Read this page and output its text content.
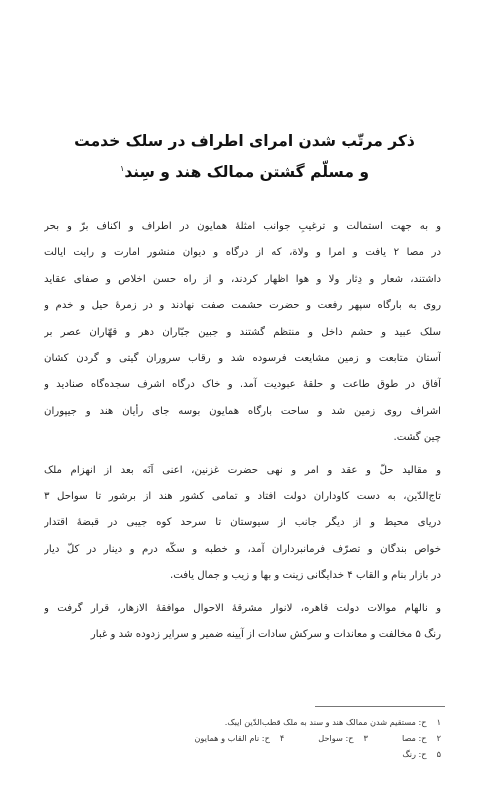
ذکر مرتّب شدن امرای اطراف در سلک خدمت
و مسلّم گشتن ممالک هند و سِند$^۱$
و به جهت استمالت و ترغیبِ جوانب امثلهٔ همایون در اطراف و اکناف برّ و بحر
در مصا ۲ یافت و امرا و ولاة، که از درگاه و دیوان منشور امارت و رایت ایالت
داشتند، شعار و دِثار ولا و هوا اظهار کردند، و از راه حسن اخلاص و صفای عقاید
روی به بارگاه سپهر رفعت و حضرت حشمت صفت نهادند و در زمرهٔ حیل و خدم و
سلک عبید و حشم داخل و منتظم گشتند و جبین جبّاران دهر و قهّاران عصر بر
آستان متابعت و زمین مشایعت فرسوده شد و رقاب سروران گیتی و گردن کشان
آفاق در طوق طاعت و حلقهٔ عبودیت آمد. و خاک درگاه اشرف سجده‌گاه صنادید و
اشراف روی زمین شد و ساحت بارگاه همایون بوسه جای رأیان هند و جیپوران
چین گشت.
و مقالید حلّ و عقد و امر و نهی حضرت غزنین، اعنی اَنَه بعد از انهزام ملک
تاج‌الدّین، به دست کاوداران دولت افتاد و تمامی کشور هند از برشور تا سواحل ۳
دریای محیط و از دیگر جانب از سیوستان تا سرحد کوه جیبی در قبضهٔ اقتدار
خواص بندگان و تصرّف فرمانبرداران آمد، و خطبه و سکّه درم و دینار در کلّ دیار
در بازار بنام و القاب ۴ خدایگانی زینت و بها و زیب و جمال یافت.
و نالهام موالات دولت قاهره، لانوار مشرقهٔ الاحوال موافقهٔ الازهار، قرار گرفت و
رنگ ۵ مخالفت و معاندات و سرکش سادات از آیینه ضمیر و سرایر زدوده شد و غبار
۱
ح: مستقیم شدن ممالک هند و سند به ملک قطب‌الدّین ایبک.
۲
ح: مصا
۳
ح: سواحل
۴
ح: نام القاب و همایون
۵
ح: رنگ
